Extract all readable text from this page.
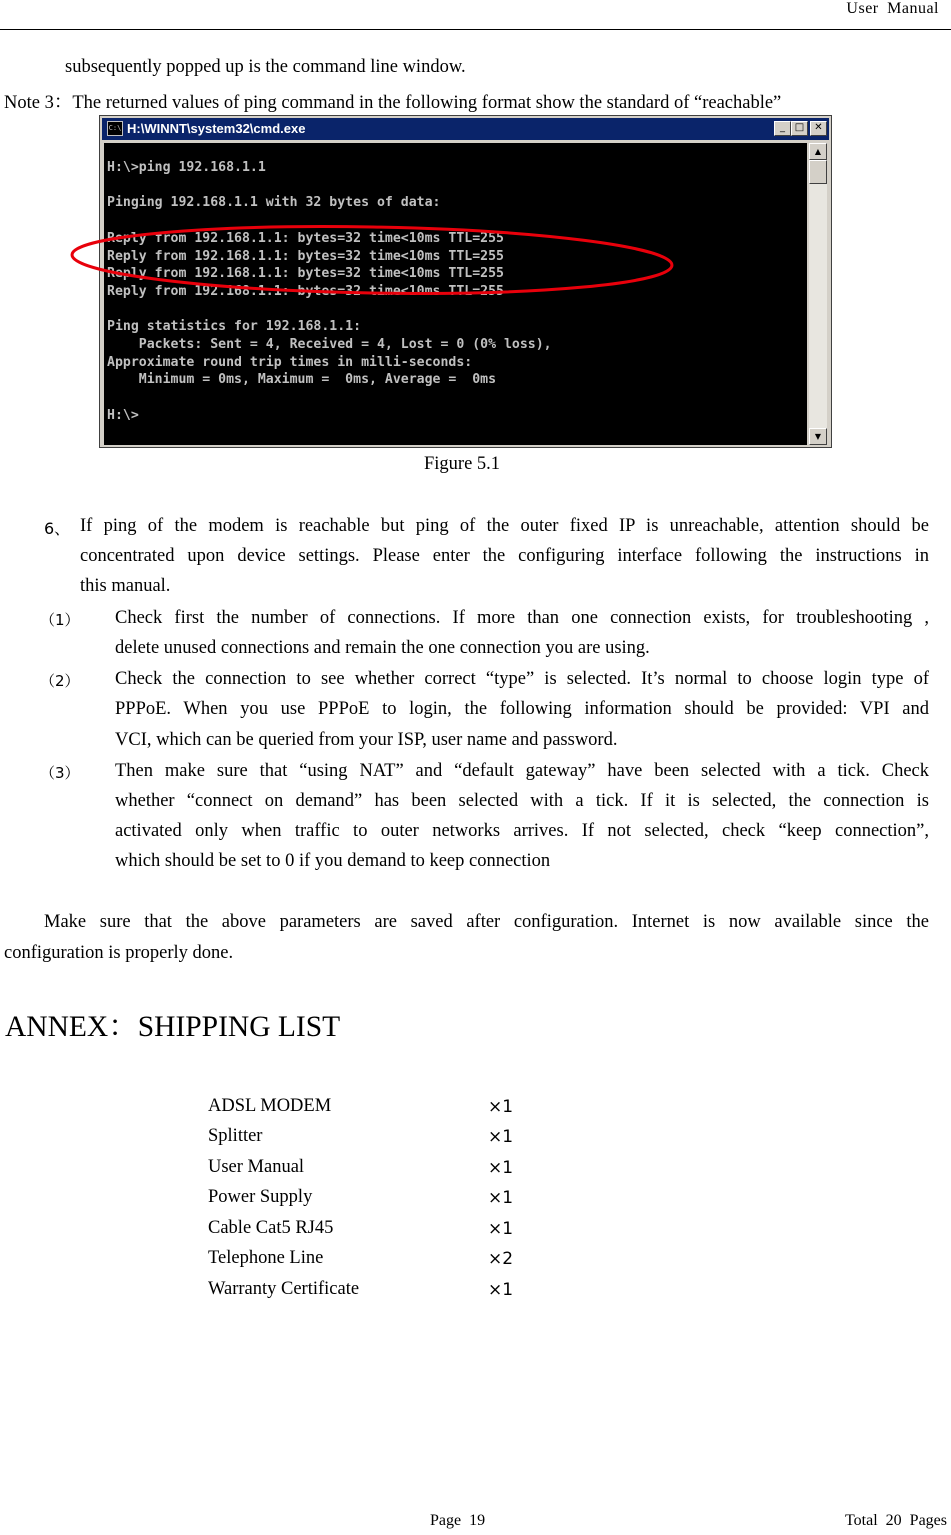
User Manual
subsequently popped up is the command line window.
Note 3：The returned values of ping command in the following format show the standard of “reachable”
C:\ H:\WINNT\system32\cmd.exe	_ □	✕
H:\>ping 192.168.1.1

Pinging 192.168.1.1 with 32 bytes of data:

Reply from 192.168.1.1: bytes=32 time<10ms TTL=255
Reply from 192.168.1.1: bytes=32 time<10ms TTL=255
Reply from 192.168.1.1: bytes=32 time<10ms TTL=255
Reply from 192.168.1.1: bytes=32 time<10ms TTL=255

Ping statistics for 192.168.1.1:
Packets: Sent = 4, Received = 4, Lost = 0 (0% loss),
Approximate round trip times in milli-seconds:
Minimum = 0ms, Maximum =  0ms, Average =  0ms

H:\>
▲
▼
Figure 5.1
6、 If ping of the modem is reachable but ping of the outer fixed IP is unreachable, attention should be
concentrated upon device settings. Please enter the configuring interface following the instructions in
this manual.
（1） Check first the number of connections. If more than one connection exists, for troubleshooting ,
delete unused connections and remain the one connection you are using.
（2） Check the connection to see whether correct “type” is selected. It’s normal to choose login type of
PPPoE. When you use PPPoE to login, the following information should be provided: VPI and
VCI, which can be queried from your ISP, user name and password.
（3） Then make sure that “using NAT” and “default gateway” have been selected with a tick. Check
whether “connect on demand” has been selected with a tick. If it is selected, the connection is
activated only when traffic to outer networks arrives. If not selected, check “keep connection”,
which should be set to 0 if you demand to keep connection
Make sure that the above parameters are saved after configuration. Internet is now available since the
configuration is properly done.
ANNEX：SHIPPING LIST
ADSL MODEM	×1
Splitter	×1
User Manual	×1
Power Supply	×1
Cable Cat5 RJ45	×1
Telephone Line	×2
Warranty Certificate	×1
Page 19	Total 20 Pages
